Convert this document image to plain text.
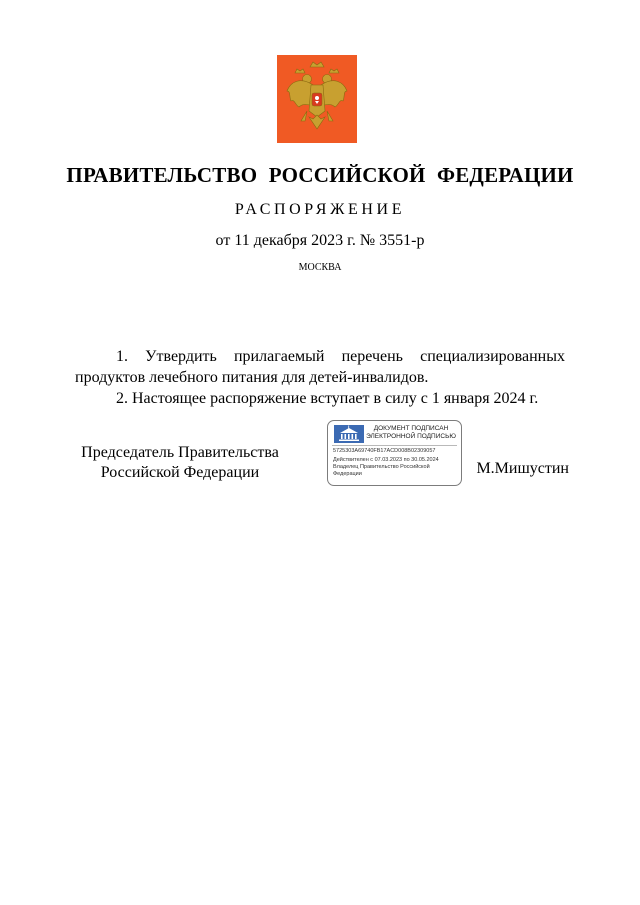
ПРАВИТЕЛЬСТВО РОССИЙСКОЙ ФЕДЕРАЦИИ
РАСПОРЯЖЕНИЕ
от 11 декабря 2023 г. № 3551-р
МОСКВА

1. Утвердить прилагаемый перечень специализированных продуктов лечебного питания для детей-инвалидов.

2. Настоящее распоряжение вступает в силу с 1 января 2024 г.

Председатель Правительства
Российской Федерации
ДОКУМЕНТ ПОДПИСАН
ЭЛЕКТРОННОЙ ПОДПИСЬЮ
5725303A69740FB17ACD008B02309057
Действителен с 07.03.2023 по 30.05.2024
Владелец Правительство Российской Федерации	М.Мишустин
